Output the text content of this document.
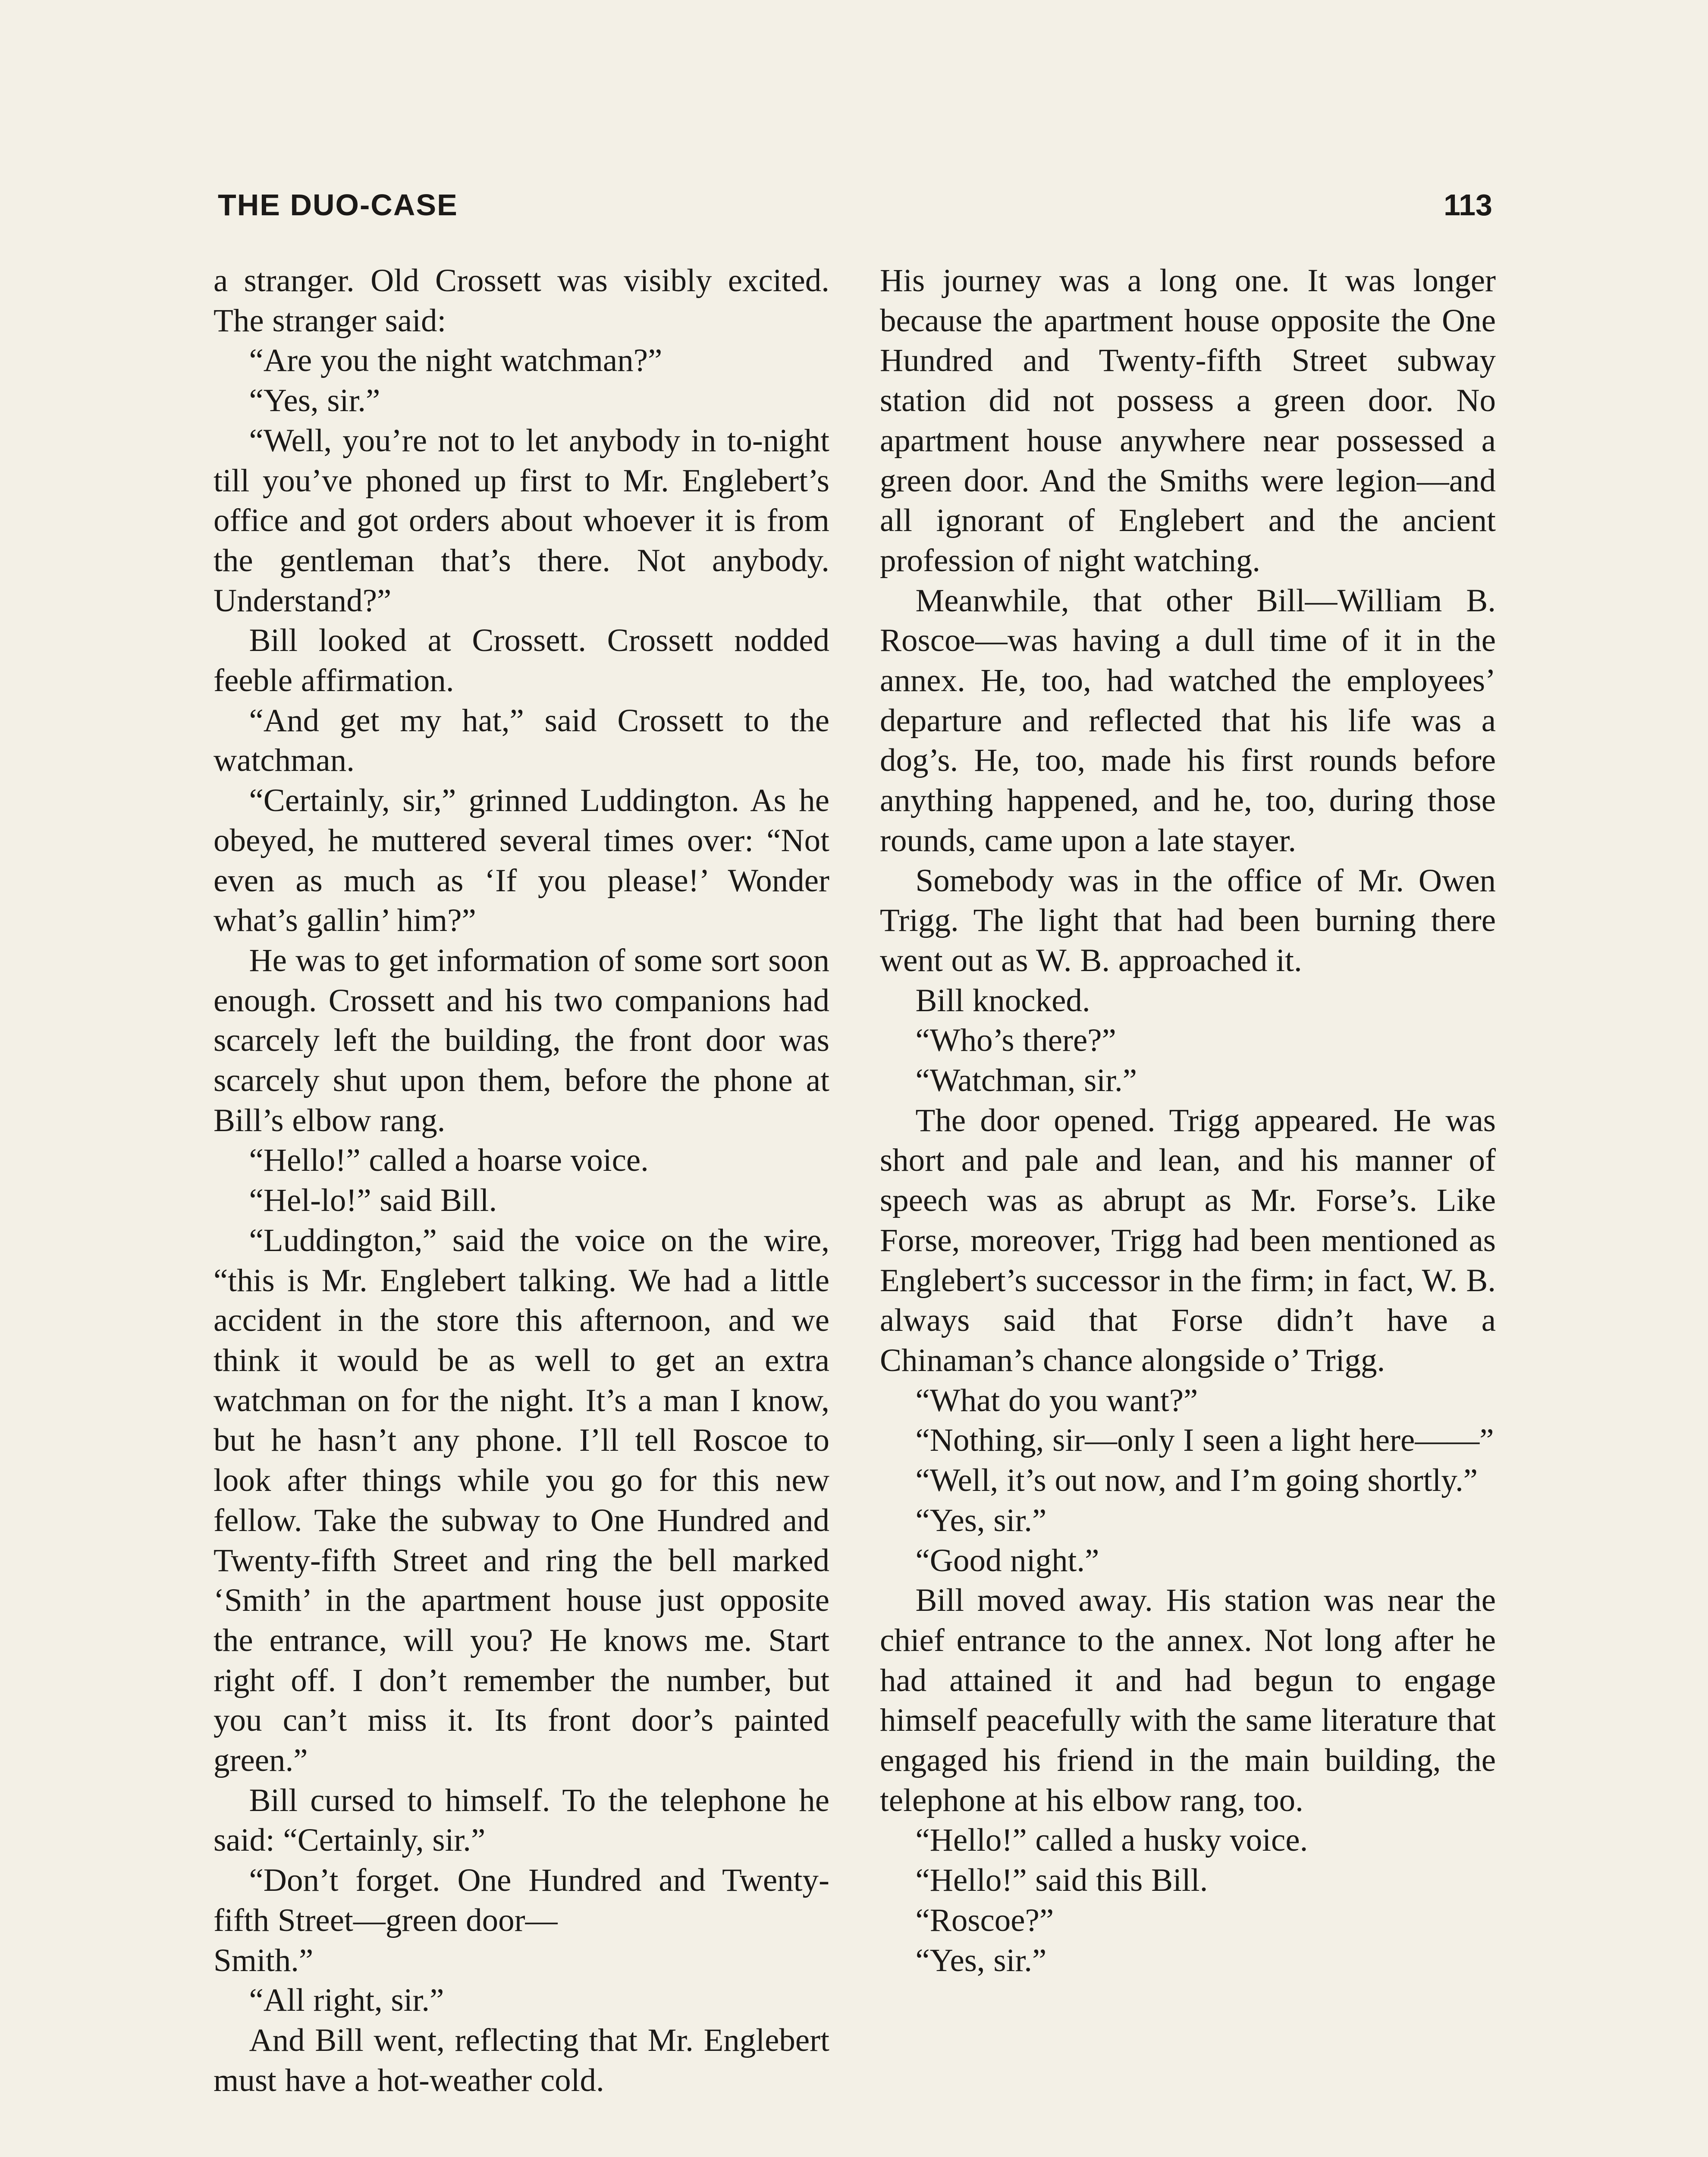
THE DUO-CASE	113

a stranger. Old Crossett was visibly excited. The stranger said:

“Are you the night watchman?”

“Yes, sir.”

“Well, you’re not to let anybody in to-night till you’ve phoned up first to Mr. Englebert’s office and got orders about whoever it is from the gentleman that’s there. Not anybody. Understand?”

Bill looked at Crossett. Crossett nodded feeble affirmation.

“And get my hat,” said Crossett to the watchman.

“Certainly, sir,” grinned Luddington. As he obeyed, he muttered several times over: “Not even as much as ‘If you please!’ Wonder what’s gallin’ him?”

He was to get information of some sort soon enough. Crossett and his two companions had scarcely left the building, the front door was scarcely shut upon them, before the phone at Bill’s elbow rang.

“Hello!” called a hoarse voice.

“Hel-lo!” said Bill.

“Luddington,” said the voice on the wire, “this is Mr. Englebert talking. We had a little accident in the store this afternoon, and we think it would be as well to get an extra watchman on for the night. It’s a man I know, but he hasn’t any phone. I’ll tell Roscoe to look after things while you go for this new fellow. Take the subway to One Hundred and Twenty-fifth Street and ring the bell marked ‘Smith’ in the apartment house just opposite the entrance, will you? He knows me. Start right off. I don’t remember the number, but you can’t miss it. Its front door’s painted green.”

Bill cursed to himself. To the telephone he said: “Certainly, sir.”

“Don’t forget. One Hundred and Twenty-fifth Street—green door—
Smith.”

“All right, sir.”

And Bill went, reflecting that Mr. Englebert must have a hot-weather cold.

His journey was a long one. It was longer because the apartment house opposite the One Hundred and Twenty-fifth Street subway station did not possess a green door. No apartment house anywhere near possessed a green door. And the Smiths were legion—and all ignorant of Englebert and the ancient profession of night watching.

Meanwhile, that other Bill—William B. Roscoe—was having a dull time of it in the annex. He, too, had watched the employees’ departure and reflected that his life was a dog’s. He, too, made his first rounds before anything happened, and he, too, during those rounds, came upon a late stayer.

Somebody was in the office of Mr. Owen Trigg. The light that had been burning there went out as W. B. approached it.

Bill knocked.

“Who’s there?”

“Watchman, sir.”

The door opened. Trigg appeared. He was short and pale and lean, and his manner of speech was as abrupt as Mr. Forse’s. Like Forse, moreover, Trigg had been mentioned as Englebert’s successor in the firm; in fact, W. B. always said that Forse didn’t have a Chinaman’s chance alongside o’ Trigg.

“What do you want?”

“Nothing, sir—only I seen a light here——”

“Well, it’s out now, and I’m going shortly.”

“Yes, sir.”

“Good night.”

Bill moved away. His station was near the chief entrance to the annex. Not long after he had attained it and had begun to engage himself peacefully with the same literature that engaged his friend in the main building, the telephone at his elbow rang, too.

“Hello!” called a husky voice.

“Hello!” said this Bill.

“Roscoe?”

“Yes, sir.”
